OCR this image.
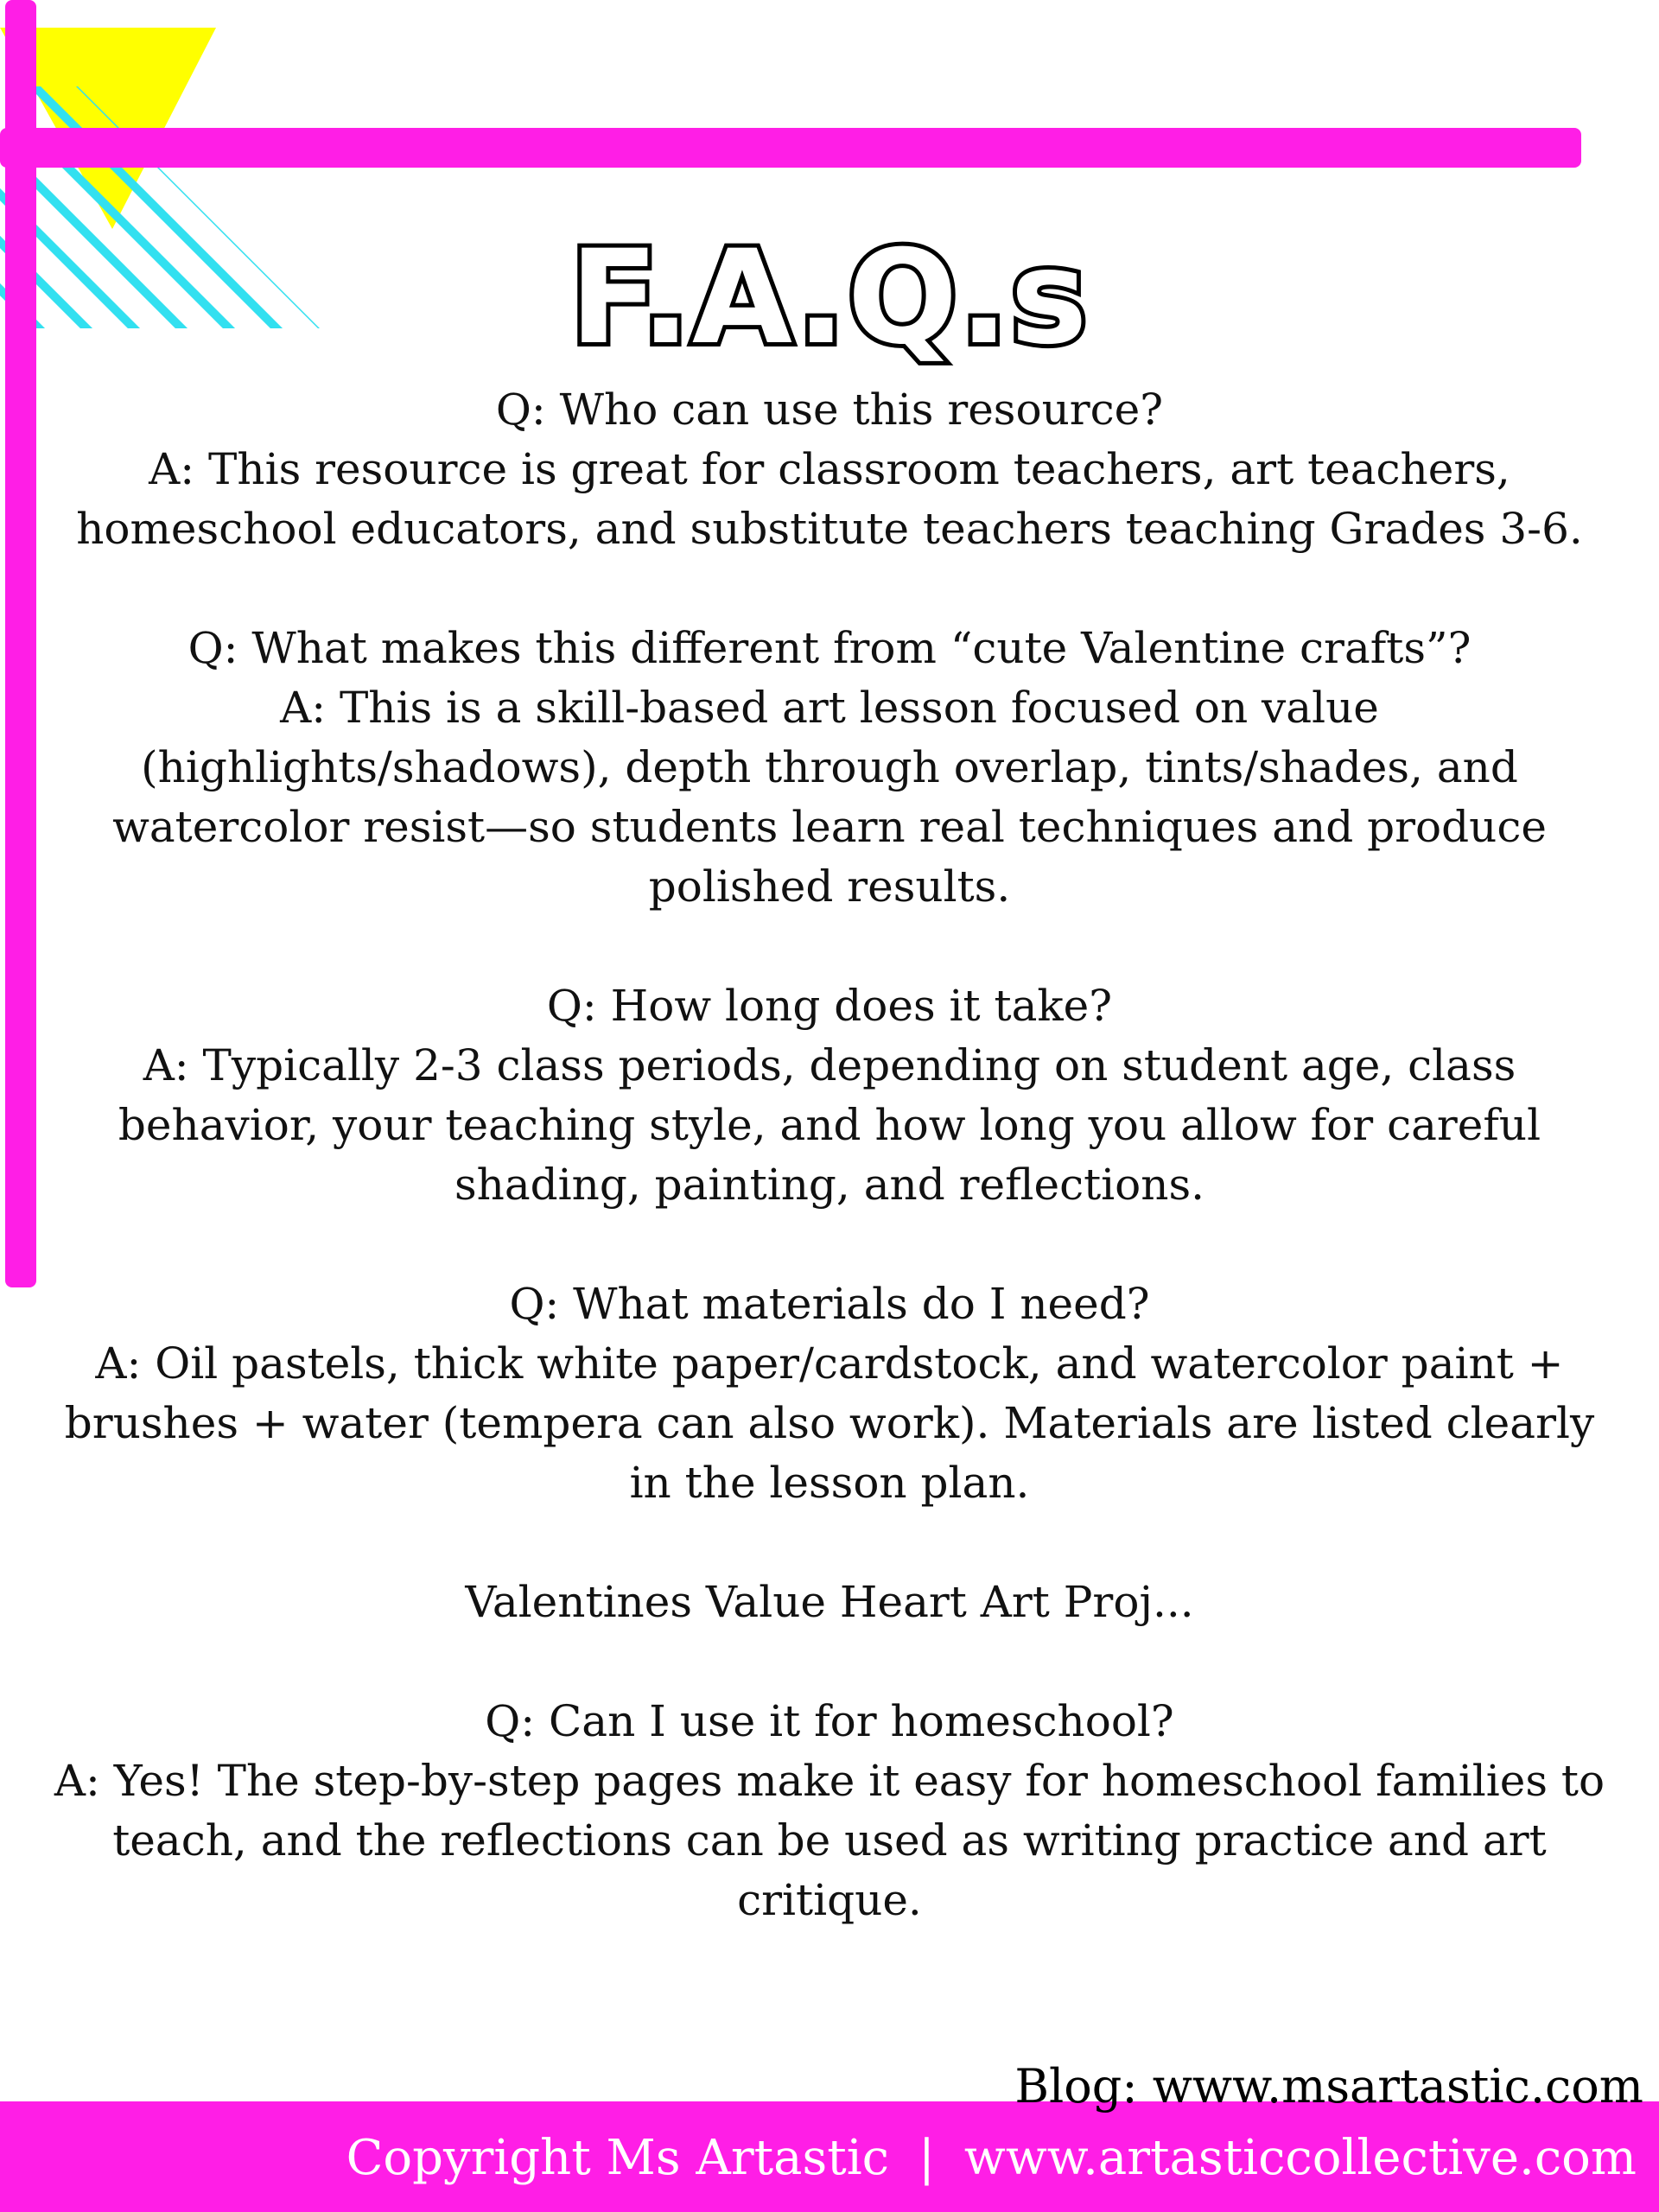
F.A.Q.s

Q: Who can use this resource?
A: This resource is great for classroom teachers, art teachers, homeschool educators, and substitute teachers teaching Grades 3-6.

Q: What makes this different from “cute Valentine crafts”?
A: This is a skill-based art lesson focused on value (highlights/shadows), depth through overlap, tints/shades, and watercolor resist—so students learn real techniques and produce polished results.

Q: How long does it take?
A: Typically 2-3 class periods, depending on student age, class behavior, your teaching style, and how long you allow for careful shading, painting, and reflections.

Q: What materials do I need?
A: Oil pastels, thick white paper/cardstock, and watercolor paint + brushes + water (tempera can also work). Materials are listed clearly in the lesson plan.

Valentines Value Heart Art Proj...

Q: Can I use it for homeschool?
A: Yes! The step-by-step pages make it easy for homeschool families to teach, and the reflections can be used as writing practice and art critique.

Blog: www.msartastic.com
Copyright Ms Artastic | www.artasticcollective.com
